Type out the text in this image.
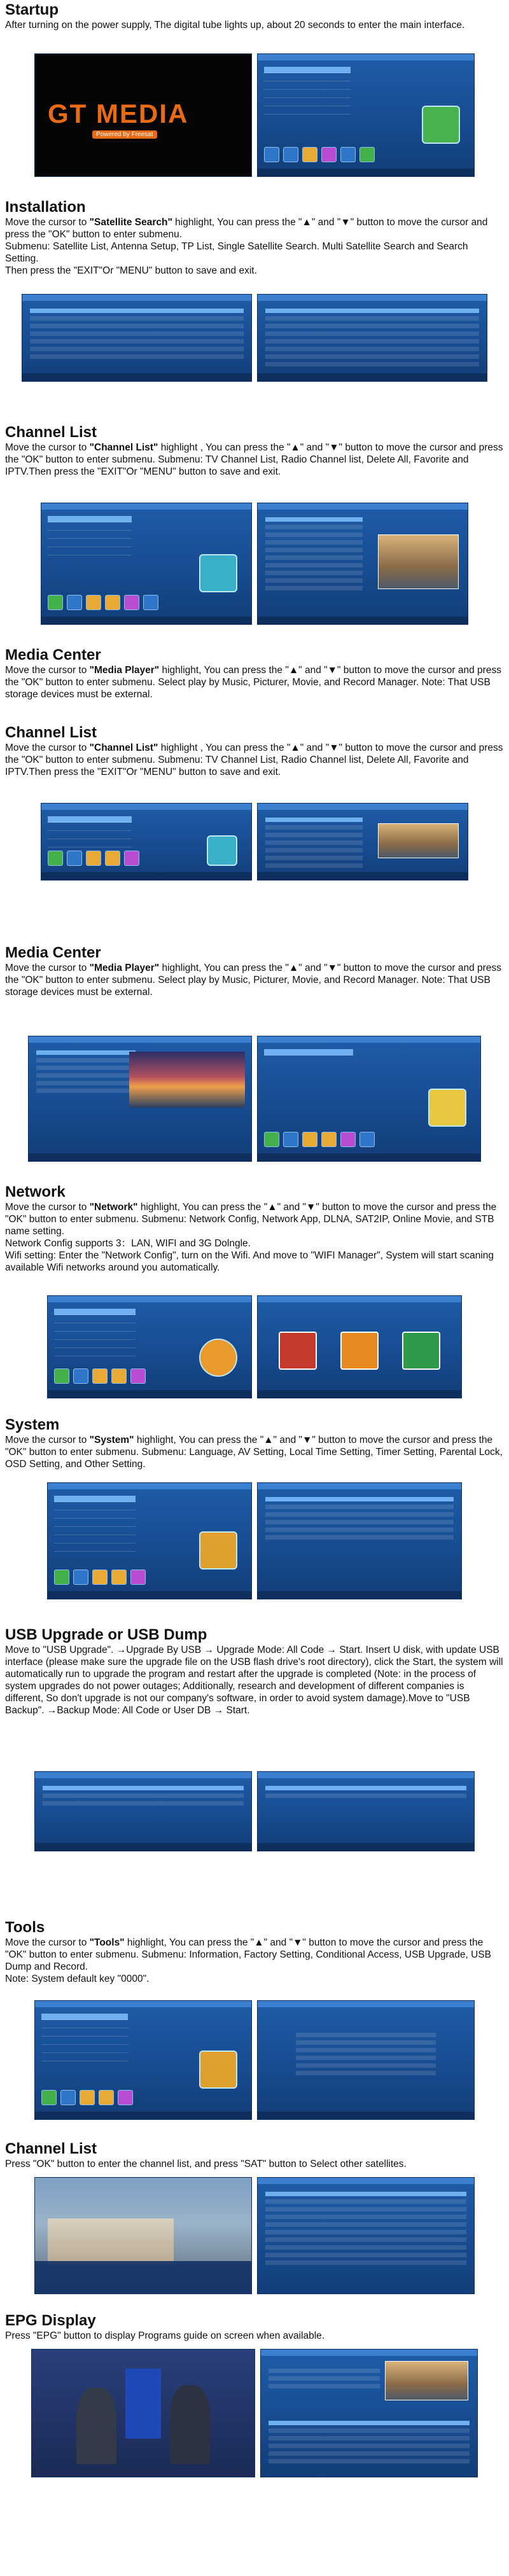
Startup

After turning on the power supply, The digital tube lights up, about 20 seconds to enter the main interface.

GT MEDIA
Powered by Freesat
Installation

Move the cursor to "Satellite Search" highlight, You can press the "▲" and "▼" button to move the cursor and press the "OK" button to enter submenu.

Submenu: Satellite List, Antenna Setup, TP List, Single Satellite Search. Multi Satellite Search and Search Setting.

Then press the "EXIT"Or "MENU" button to save and exit.

Channel List

Move the cursor to "Channel List" highlight , You can press the "▲" and "▼" button to move the cursor and press the "OK" button to enter submenu. Submenu: TV Channel List, Radio Channel list, Delete All, Favorite and IPTV.Then press the "EXIT"Or "MENU" button to save and exit.

Media Center

Move the cursor to "Media Player" highlight, You can press the "▲" and "▼" button to move the cursor and press the "OK" button to enter submenu. Select play by Music, Picturer, Movie, and Record Manager. Note: That USB storage devices must be external.

Channel List

Move the cursor to "Channel List" highlight , You can press the "▲" and "▼" button to move the cursor and press the "OK" button to enter submenu. Submenu: TV Channel List, Radio Channel list, Delete All, Favorite and IPTV.Then press the "EXIT"Or "MENU" button to save and exit.

Media Center

Move the cursor to "Media Player" highlight, You can press the "▲" and "▼" button to move the cursor and press the "OK" button to enter submenu. Select play by Music, Picturer, Movie, and Record Manager. Note: That USB storage devices must be external.

Network

Move the cursor to "Network" highlight, You can press the "▲" and "▼" button to move the cursor and press the "OK" button to enter submenu. Submenu: Network Config, Network App, DLNA, SAT2IP, Online Movie, and STB name setting.

Network Config supports 3：LAN, WIFI and 3G Dolngle.

Wifi setting: Enter the "Network Config", turn on the Wifi. And move to "WIFI Manager", System will start scaning available Wifi networks around you automatically.

System

Move the cursor to "System" highlight, You can press the "▲" and "▼" button to move the cursor and press the "OK" button to enter submenu. Submenu: Language, AV Setting, Local Time Setting, Timer Setting, Parental Lock, OSD Setting, and Other Setting.

USB Upgrade or USB Dump

Move to "USB Upgrade". →Upgrade By USB → Upgrade Mode: All Code → Start. Insert U disk, with update USB interface (please make sure the upgrade file on the USB flash drive's root directory), click the Start, the system will automatically run to upgrade the program and restart after the upgrade is completed (Note: in the process of system upgrades do not power outages; Additionally, research and development of different companies is different, So don't upgrade is not our company's software, in order to avoid system damage).Move to "USB Backup". →Backup Mode: All Code or User DB → Start.

Tools

Move the cursor to "Tools" highlight, You can press the "▲" and "▼" button to move the cursor and press the "OK" button to enter submenu. Submenu: Information, Factory Setting, Conditional Access, USB Upgrade, USB Dump and Record.

Note: System default key "0000".

Channel List

Press "OK" button to enter the channel list, and press "SAT" button to Select other satellites.

EPG Display

Press "EPG" button to display Programs guide on screen when available.
